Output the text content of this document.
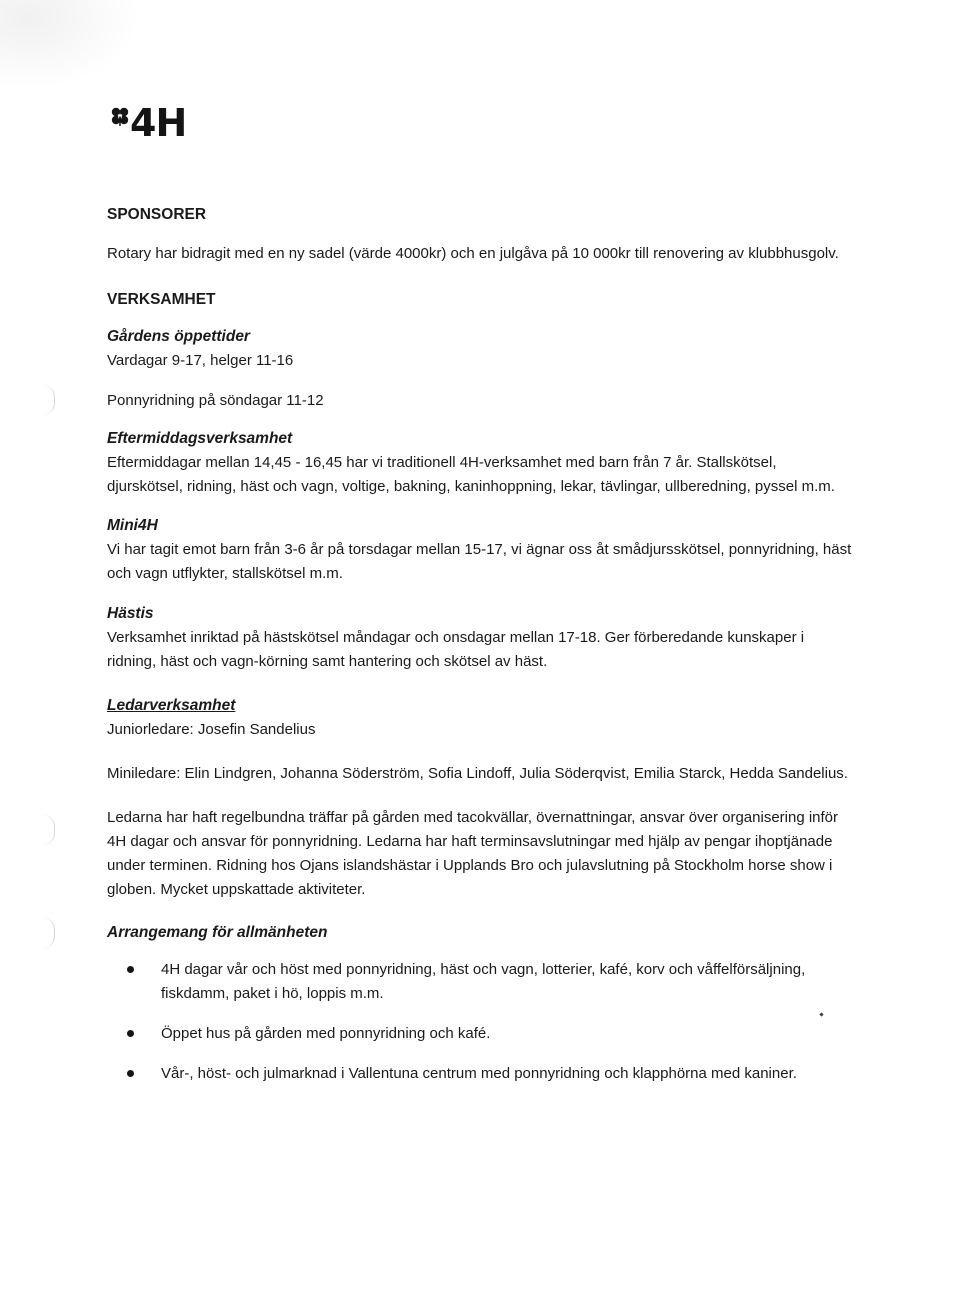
H 4H
SPONSORER

Rotary har bidragit med en ny sadel (värde 4000kr) och en julgåva på 10 000kr till renovering av klubbhusgolv.

VERKSAMHET

Gårdens öppettider

Vardagar 9-17, helger 11-16

Ponnyridning på söndagar 11-12

Eftermiddagsverksamhet

Eftermiddagar mellan 14,45 - 16,45 har vi traditionell 4H-verksamhet med barn från 7 år. Stallskötsel, djurskötsel, ridning, häst och vagn, voltige, bakning, kaninhoppning, lekar, tävlingar, ullberedning, pyssel m.m.

Mini4H

Vi har tagit emot barn från 3-6 år på torsdagar mellan 15-17, vi ägnar oss åt smådjursskötsel, ponnyridning, häst och vagn utflykter, stallskötsel m.m.

Hästis

Verksamhet inriktad på hästskötsel måndagar och onsdagar mellan 17-18. Ger förberedande kunskaper i ridning, häst och vagn-körning samt hantering och skötsel av häst.

Ledarverksamhet

Juniorledare: Josefin Sandelius

Miniledare: Elin Lindgren, Johanna Söderström, Sofia Lindoff, Julia Söderqvist, Emilia Starck, Hedda Sandelius.

Ledarna har haft regelbundna träffar på gården med tacokvällar, övernattningar, ansvar över organisering inför 4H dagar och ansvar för ponnyridning. Ledarna har haft terminsavslutningar med hjälp av pengar ihoptjänade under terminen. Ridning hos Ojans islandshästar i Upplands Bro och julavslutning på Stockholm horse show i globen. Mycket uppskattade aktiviteter.

Arrangemang för allmänheten

4H dagar vår och höst med ponnyridning, häst och vagn, lotterier, kafé, korv och våffelförsäljning, fiskdamm, paket i hö, loppis m.m.
Öppet hus på gården med ponnyridning och kafé.
Vår-, höst- och julmarknad i Vallentuna centrum med ponnyridning och klapphörna med kaniner.
